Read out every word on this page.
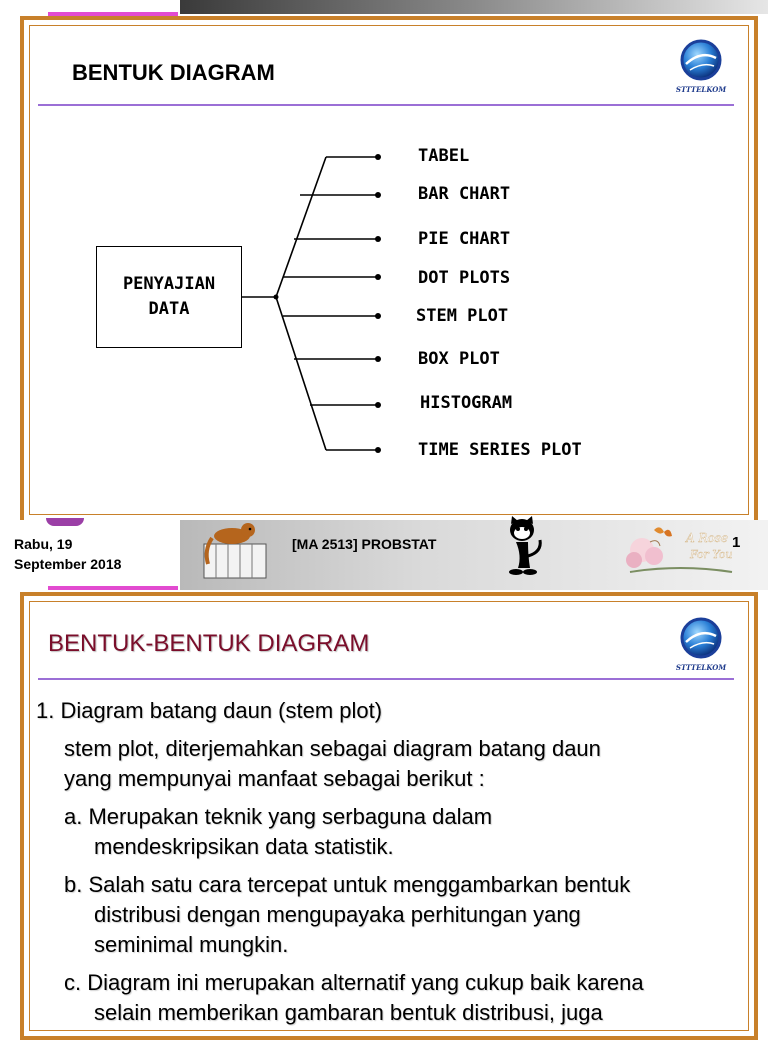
BENTUK DIAGRAM
STTTELKOM
PENYAJIAN
DATA
TABEL
BAR CHART
PIE CHART
DOT PLOTS
STEM PLOT
BOX PLOT
HISTOGRAM
TIME SERIES PLOT
Rabu, 19
September 2018
[MA 2513] PROBSTAT	A Rose
For You
1
BENTUK-BENTUK DIAGRAM
STTTELKOM
1. Diagram batang daun (stem plot)
stem plot, diterjemahkan sebagai diagram batang daun
yang mempunyai manfaat sebagai berikut :
a. Merupakan teknik yang serbaguna dalam
mendeskripsikan data statistik.
b. Salah satu cara tercepat untuk menggambarkan bentuk
distribusi dengan mengupayaka perhitungan yang
seminimal mungkin.
c. Diagram ini merupakan alternatif yang cukup baik karena
selain memberikan gambaran bentuk distribusi, juga
